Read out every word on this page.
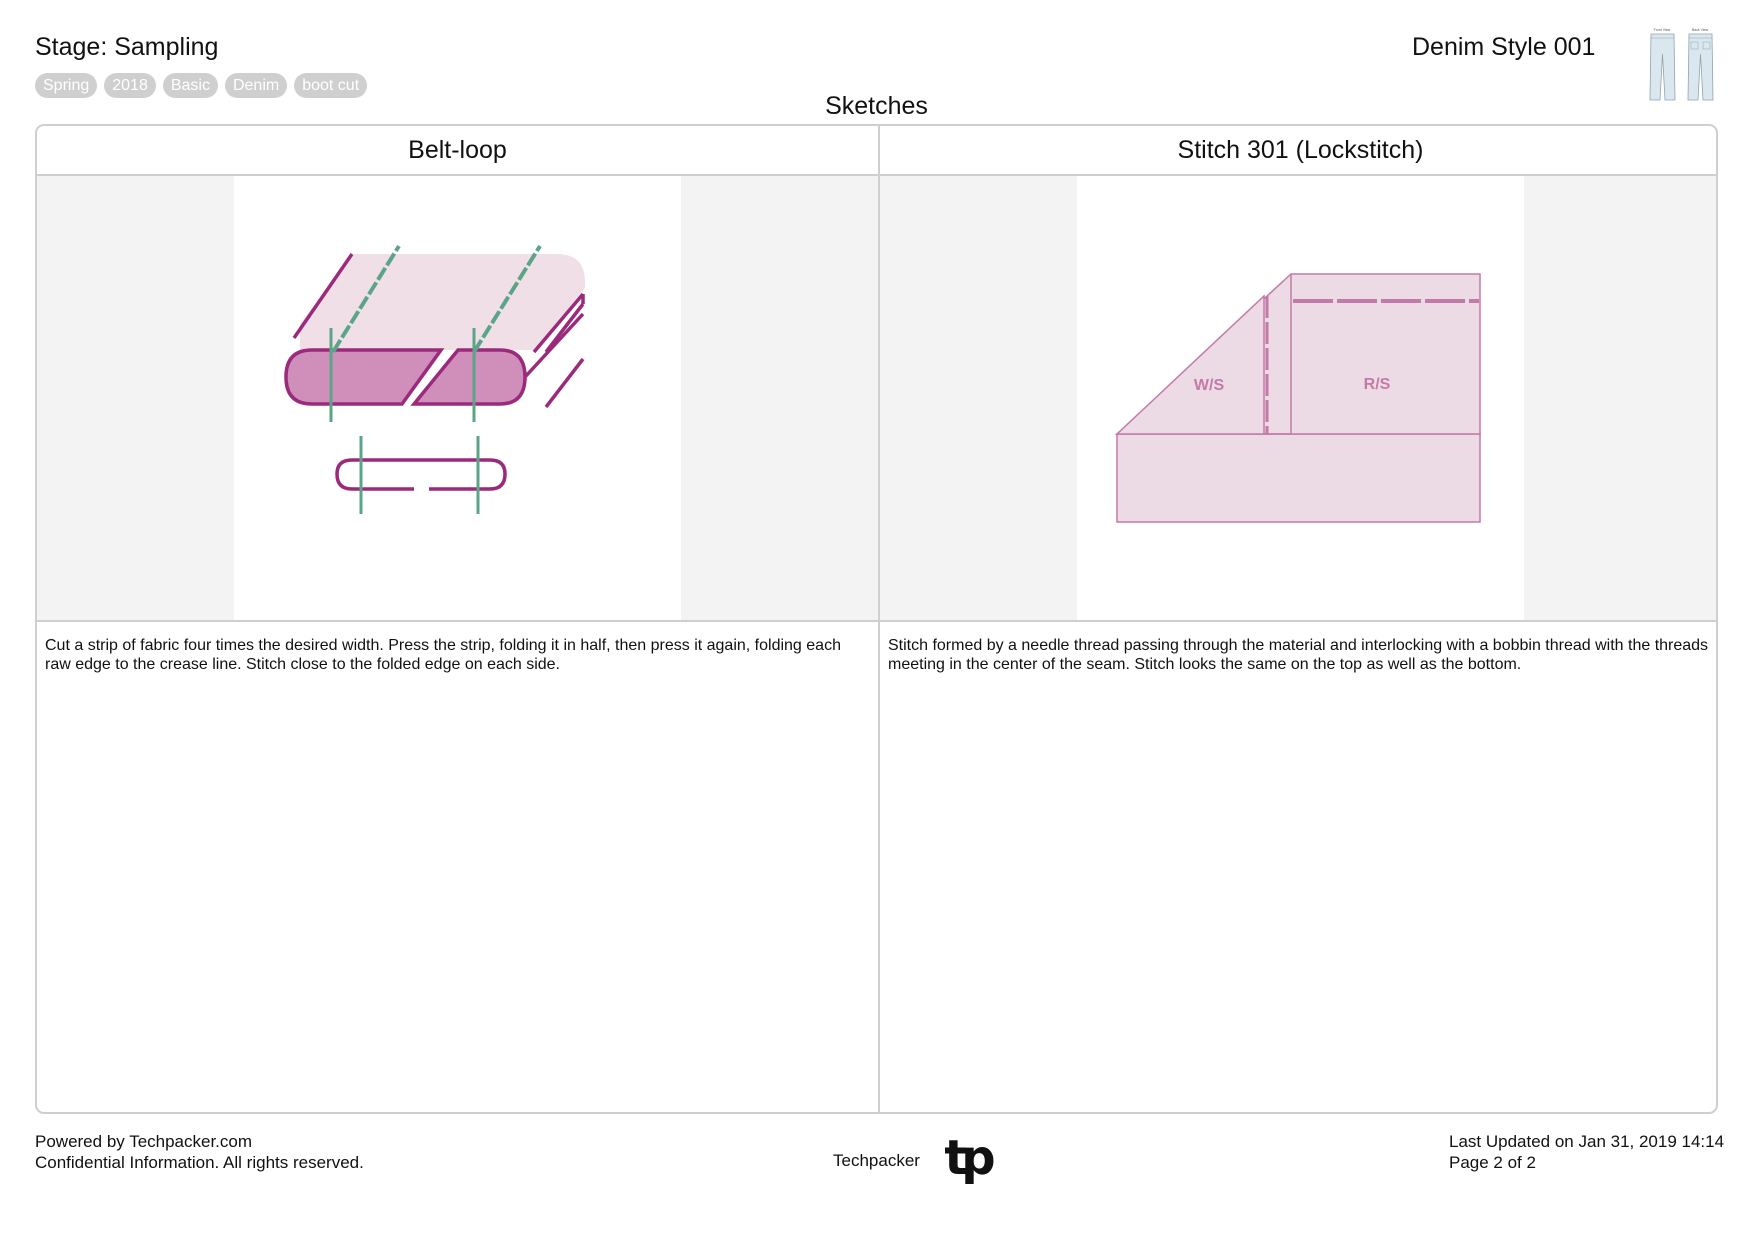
Stage: Sampling
Spring	2018	Basic	Denim	boot cut
Denim Style 001
Front View	Back View
Sketches
Belt-loop
Cut a strip of fabric four times the desired width. Press the strip, folding it in half, then press it again, folding each raw edge to the crease line. Stitch close to the folded edge on each side.
Stitch 301 (Lockstitch)
W/S	R/S
Stitch formed by a needle thread passing through the material and interlocking with a bobbin thread with the threads meeting in the center of the seam. Stitch looks the same on the top as well as the bottom.
Powered by Techpacker.com
Confidential Information. All rights reserved.	Techpacker tp	Last Updated on Jan 31, 2019 14:14
Page 2 of 2
